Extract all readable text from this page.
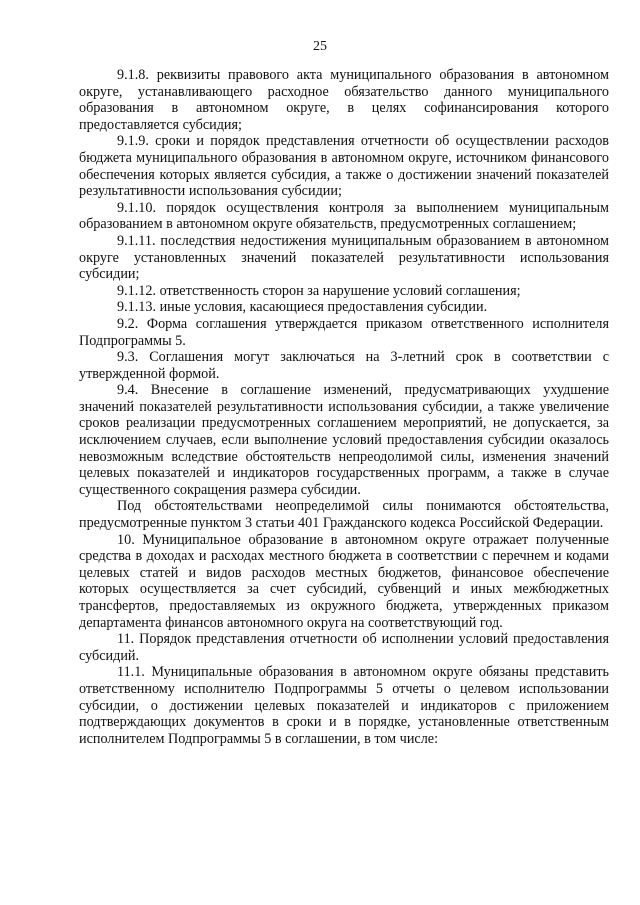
25

9.1.8. реквизиты правового акта муниципального образования в автономном округе, устанавливающего расходное обязательство данного муниципального образования в автономном округе, в целях софинансирования которого предоставляется субсидия;

9.1.9. сроки и порядок представления отчетности об осуществлении расходов бюджета муниципального образования в автономном округе, источником финансового обеспечения которых является субсидия, а также о достижении значений показателей результативности использования субсидии;

9.1.10. порядок осуществления контроля за выполнением муниципальным образованием в автономном округе обязательств, предусмотренных соглашением;

9.1.11. последствия недостижения муниципальным образованием в автономном округе установленных значений показателей результативности использования субсидии;

9.1.12. ответственность сторон за нарушение условий соглашения;

9.1.13. иные условия, касающиеся предоставления субсидии.

9.2. Форма соглашения утверждается приказом ответственного исполнителя Подпрограммы 5.

9.3. Соглашения могут заключаться на 3-летний срок в соответствии с утвержденной формой.

9.4. Внесение в соглашение изменений, предусматривающих ухудшение значений показателей результативности использования субсидии, а также увеличение сроков реализации предусмотренных соглашением мероприятий, не допускается, за исключением случаев, если выполнение условий предоставления субсидии оказалось невозможным вследствие обстоятельств непреодолимой силы, изменения значений целевых показателей и индикаторов государственных программ, а также в случае существенного сокращения размера субсидии.

Под обстоятельствами неопределимой силы понимаются обстоятельства, предусмотренные пунктом 3 статьи 401 Гражданского кодекса Российской Федерации.

10. Муниципальное образование в автономном округе отражает полученные средства в доходах и расходах местного бюджета в соответствии с перечнем и кодами целевых статей и видов расходов местных бюджетов, финансовое обеспечение которых осуществляется за счет субсидий, субвенций и иных межбюджетных трансфертов, предоставляемых из окружного бюджета, утвержденных приказом департамента финансов автономного округа на соответствующий год.

11. Порядок представления отчетности об исполнении условий предоставления субсидий.

11.1. Муниципальные образования в автономном округе обязаны представить ответственному исполнителю Подпрограммы 5 отчеты о целевом использовании субсидии, о достижении целевых показателей и индикаторов с приложением подтверждающих документов в сроки и в порядке, установленные ответственным исполнителем Подпрограммы 5 в соглашении, в том числе:
